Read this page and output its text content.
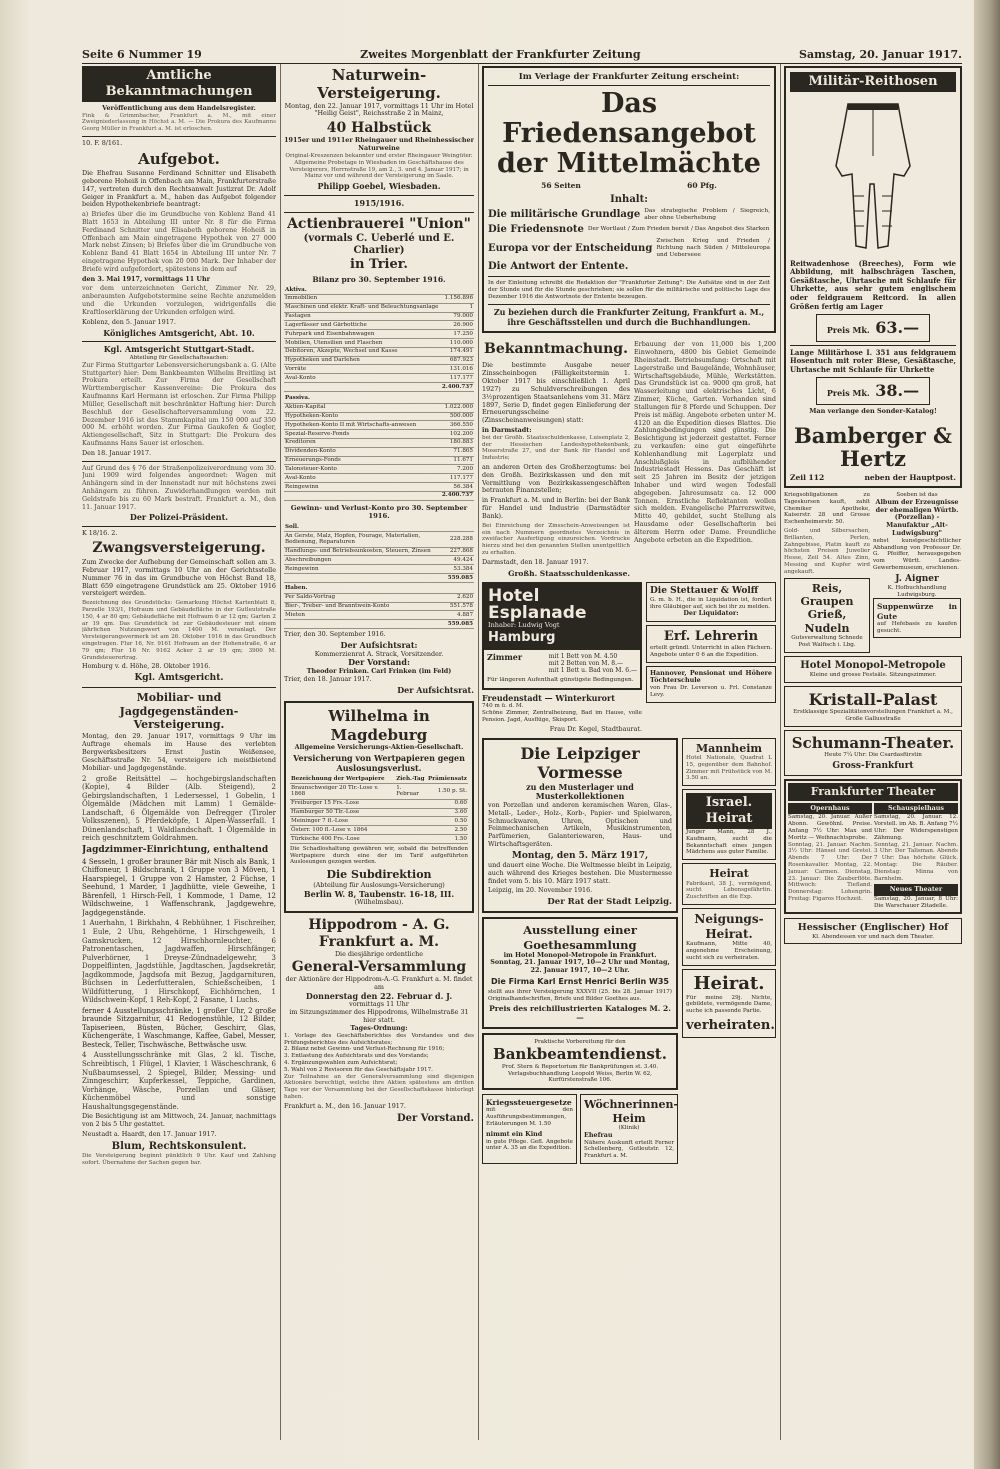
Seite 6 Nummer 19	Zweites Morgenblatt der Frankfurter Zeitung	Samstag, 20. Januar 1917.
Amtliche Bekanntmachungen
Veröffentlichung aus dem Handelsregister.
Fink & Grimmbacher, Frankfurt a. M., mit einer Zweigniederlassung in Höchst a. M. — Die Prokura des Kaufmanns Georg Müller in Frankfurt a. M. ist erloschen.
10. F. 8/161.
Aufgebot.
Die Ehefrau Susanne Ferdinand Schnitter und Elisabeth geborene Hoheiß in Offenbach am Main, Frankfurterstraße 147, vertreten durch den Rechtsanwalt Justizrat Dr. Adolf Geiger in Frankfurt a. M., haben das Aufgebot folgender beiden Hypothekenbriefe beantragt:
a) Briefes über die im Grundbuche von Koblenz Band 41 Blatt 1653 in Abteilung III unter Nr. 8 für die Firma Ferdinand Schnitter und Elisabeth geborene Hoheiß in Offenbach am Main eingetragene Hypothek von 27 000 Mark nebst Zinsen; b) Briefes über die im Grundbuche von Koblenz Band 41 Blatt 1654 in Abteilung III unter Nr. 7 eingetragene Hypothek von 20 000 Mark. Der Inhaber der Briefe wird aufgefordert, spätestens in dem auf
den 3. Mai 1917, vormittags 11 Uhr
vor dem unterzeichneten Gericht, Zimmer Nr. 29, anberaumten Aufgebotstermine seine Rechte anzumelden und die Urkunden vorzulegen, widrigenfalls die Kraftloserklärung der Urkunden erfolgen wird.
Koblenz, den 5. Januar 1917.
Königliches Amtsgericht, Abt. 10.
Kgl. Amtsgericht Stuttgart-Stadt.
Abteilung für Gesellschaftssachen:
Zur Firma Stuttgarter Lebensversicherungsbank a. G. (Alte Stuttgarter) hier: Dem Bankbeamten Wilhelm Breitling ist Prokura erteilt. Zur Firma der Gesellschaft Württembergischer Kassenvereine: Die Prokura des Kaufmanns Karl Hermann ist erloschen. Zur Firma Philipp Müller, Gesellschaft mit beschränkter Haftung hier: Durch Beschluß der Gesellschafterversammlung vom 22. Dezember 1916 ist das Stammkapital um 150 000 auf 350 000 M. erhöht worden. Zur Firma Gaukofen & Gogler, Aktiengesellschaft, Sitz in Stuttgart: Die Prokura des Kaufmanns Hans Sauer ist erloschen.
Den 18. Januar 1917.
Auf Grund des § 76 der Straßenpolizeiverordnung vom 30. Juni 1909 wird folgendes angeordnet: Wagen mit Anhängern sind in der Innenstadt nur mit höchstens zwei Anhängern zu führen. Zuwiderhandlungen werden mit Geldstrafe bis zu 60 Mark bestraft. Frankfurt a. M., den 11. Januar 1917.
Der Polizei-Präsident.
K 18/16. 2.
Zwangsversteigerung.
Zum Zwecke der Aufhebung der Gemeinschaft sollen am 3. Februar 1917, vormittags 10 Uhr an der Gerichtsstelle Nummer 76 in das im Grundbuche von Höchst Band 18, Blatt 659 eingetragene Grundstück am 25. Oktober 1916 versteigert werden.
Bezeichnung des Grundstücks: Gemarkung Höchst Kartenblatt 8, Parzelle 193/1, Hofraum und Gebäudefläche in der Gutleutstraße 150, 4 ar 80 qm; Gebäudefläche mit Hofraum 6 ar 12 qm; Garten 2 ar 19 qm. Das Grundstück ist zur Gebäudesteuer mit einem jährlichen Nutzungswert von 1400 M. veranlagt. Der Versteigerungsvermerk ist am 26. Oktober 1916 in das Grundbuch eingetragen. Flur 16, Nr. 9161 Hofraum an der Hohenstraße, 6 ar 79 qm; Flur 16 Nr. 9162 Acker 2 ar 19 qm; 3900 M. Grundsteuerertrag.
Homburg v. d. Höhe, 28. Oktober 1916.
Kgl. Amtsgericht.
Mobiliar- und Jagdgegenständen-Versteigerung.
Montag, den 29. Januar 1917, vormittags 9 Uhr im Auftrage ehemals im Hause des verlebten Bergwerksbesitzers Ernst Justin Weißensee, Geschäftsstraße Nr. 54, versteigere ich meistbietend Mobiliar- und Jagdgegenstände.
2 große Reitsättel — hochgebirgslandschaften (Kopie), 4 Bilder (Alb. Steigend), 2 Gebirgslandschaften, 1 Ledersessel, 1 Gobelin, 1 Ölgemälde (Mädchen mit Lamm) 1 Gemälde-Landschaft, 6 Ölgemälde von Defregger (Tiroler Volksszenen), 5 Pferdeköpfe, 1 Alpen-Wasserfall. 1 Dünenlandschaft, 1 Waldlandschaft. 1 Ölgemälde in reich geschnitztem Goldrahmen.
Jagdzimmer-Einrichtung, enthaltend
4 Sesseln, 1 großer brauner Bär mit Nisch als Bank, 1 Chiffoneur, 1 Bildschrank, 1 Gruppe von 3 Möven, 1 Haarspiegel, 1 Gruppe von 2 Hamster, 2 Füchse, 1 Seehund, 1 Marder, 1 Jagdhütte, viele Geweihe, 1 Bärenfell, 1 Hirsch-Fell, 1 Kommode, 1 Dame, 12 Wildschweine, 1 Waffenschrank, Jagdgewehre, Jagdgegenstände.
1 Auerhahn, 1 Birkhahn, 4 Rebhühner, 1 Fischreiher, 1 Eule, 2 Uhu, Rehgehörne, 1 Hirschgeweih, 1 Gamskrucken, 12 Hirschhornleuchter, 6 Patronentaschen, Jagdwaffen, Hirschfänger, Pulverhörner, 1 Dreyse-Zündnadelgewehr, 3 Doppelflinten, Jagdstühle, Jagdtaschen, Jagdsekretär, Jagdkommode, Jagdsofa mit Bezug, Jagdgarnituren, Büchsen in Lederfutteralen, Schießscheiben, 1 Wildfütterung, 1 Hirschkopf, Eichhörnchen, 1 Wildschwein-Kopf, 1 Reh-Kopf, 2 Fasane, 1 Luchs.
ferner 4 Ausstellungsschränke, 1 großer Uhr, 2 große braunde Sitzgarnitur, 41 Redogenstühle, 12 Bilder, Tapiserieen, Büsten, Bücher, Geschirr, Glas, Küchengeräte, 1 Waschmange, Kaffee, Gabel, Messer, Besteck, Teller, Tischwäsche, Bettwäsche usw.
4 Ausstellungsschränke mit Glas, 2 kl. Tische, Schreibtisch, 1 Flügel, 1 Klavier, 1 Wäscheschrank, 6 Nußbaumsessel, 2 Spiegel, Bilder, Messing- und Zinngeschirr, Kupferkessel, Teppiche, Gardinen, Vorhänge, Wäsche, Porzellan und Gläser, Küchenmöbel und sonstige Haushaltungsgegenstände.
Die Besichtigung ist am Mittwoch, 24. Januar, nachmittags von 2 bis 5 Uhr gestattet.
Neustadt a. Haardt, den 17. Januar 1917.
Blum, Rechtskonsulent.
Die Versteigerung beginnt pünktlich 9 Uhr. Kauf und Zahlung sofort. Übernahme der Sachen gegen bar.
Naturwein-Versteigerung.
Montag, den 22. Januar 1917, vormittags 11 Uhr im Hotel "Heilig Geist", Reichsstraße 2 in Mainz,
40 Halbstück
1915er und 1911er Rheingauer und Rheinhessischer Naturweine
Original-Kreszenzen bekannter und erster Rheingauer Weingüter. Allgemeine Probetage in Wiesbaden im Geschäftshause des Versteigerers, Herrnstraße 19, am 2., 3. und 4. Januar 1917; in Mainz vor und während der Versteigerung im Saale.
Philipp Goebel, Wiesbaden.
1915/1916.
Actienbrauerei "Union"
(vormals C. Ueberlé und E. Charlier)
in Trier.
Bilanz pro 30. September 1916.
Aktiva.	
Immobilien	1.156.896
Maschinen und elektr. Kraft- und Beleuchtungsanlage	1
Fastagen	79.000
Lagerfässer und Gärbottiche	26.900
Fuhrpark und Eisenbahnwagen	17.250
Mobilien, Utensilien und Flaschen	110.000
Debitoren, Akzepte, Wechsel und Kasse	174.491
Hypotheken und Darlehen	687.923
Vorräte	131.016
Aval-Konto	117.177
	2.400.737
Passiva.	
Aktien-Kapital	1.022.000
Hypotheken-Konto	500.000
Hypotheken-Konto II mit Wirtschafts-anwesen	366.550
Spezial-Reserve-Fonds	102.200
Kreditoren	180.883
Dividenden-Konto	71.865
Erneuerungs-Fonds	11.671
Talonsteuer-Konto	7.200
Aval-Konto	117.177
Reingewinn	56.384
	2.400.737
Gewinn- und Verlust-Konto pro 30. September 1916.
Soll.	
An Gerste, Malz, Hopfen, Fourage, Materialien, Bedienung, Reparaturen	228.288
Handlungs- und Betriebsunkosten, Steuern, Zinsen	227.868
Abschreibungen	49.424
Reingewinn	53.384
	559.085
Haben.	
Per Saldo-Vortrag	2.620
Bier-, Treber- und Branntwein-Konto	551.578
Mieten	4.887
	559.085
Trier, den 30. September 1916.
Der Aufsichtsrat:
Kommerzienrat A. Strack, Vorsitzender.
Der Vorstand:
Theodor Frinken. Carl Frinken (im Feld)
Trier, den 18. Januar 1917.
Der Aufsichtsrat.
Wilhelma in Magdeburg
Allgemeine Versicherungs-Aktien-Gesellschaft.
Versicherung von Wertpapieren gegen Auslosungsverlust.
Bezeichnung der Wertpapiere	Zieh.-Tag	Prämiensatz
Braunschweiger 20 Tlr.-Lose v. 1868	1. Februar	1.50 p. St.
Freiburger 15 Frs.-Lose		0.60
Hamburger 50 Tlr.-Lose		3.60
Meininger 7 fl.-Lose		0.50
Österr. 100 fl.-Lose v. 1864		2.50
Türkische 400 Frs.-Lose		1.50
Die Schadloshaltung gewähren wir, sobald die betreffenden Wertpapiere durch eine der im Tarif aufgeführten Auslosungen gezogen werden.
Die Subdirektion
(Abteilung für Auslosungs-Versicherung)
Berlin W. 8, Taubenstr. 16-18, III.
(Wilhelmsbau).
Hippodrom - A. G. Frankfurt a. M.
Die diesjährige ordentliche
General-Versammlung
der Aktionäre der Hippodrom-A.-G. Frankfurt a. M. findet am
Donnerstag den 22. Februar d. J.
vormittags 11 Uhr
im Sitzungszimmer des Hippodroms, Wilhelmstraße 31 hier statt.
Tages-Ordnung:
1. Vorlage des Geschäftsberichtes des Vorstandes und des Prüfungsberichtes des Aufsichtsrates;
2. Bilanz nebst Gewinn- und Verlust-Rechnung für 1916;
3. Entlastung des Aufsichtsrats und des Vorstands;
4. Ergänzungswahlen zum Aufsichtsrat;
5. Wahl von 2 Revisoren für das Geschäftsjahr 1917.
Zur Teilnahme an der Generalversammlung sind diejenigen Aktionäre berechtigt, welche ihre Aktien spätestens am dritten Tage vor der Versammlung bei der Gesellschaftskasse hinterlegt haben.
Frankfurt a. M., den 16. Januar 1917.
Der Vorstand.
Im Verlage der Frankfurter Zeitung erscheint:
Das Friedensangebot
der Mittelmächte
56 Seiten	60 Pfg.
Inhalt:
Die militärische Grundlage Das strategische Problem / Siegreich, aber ohne Ueberhebung
Die Friedensnote Der Wortlaut / Zum Frieden bereit / Das Angebot des Starken
Europa vor der Entscheidung
Zwischen Krieg und Frieden / Richtung nach Süden / Mitteleuropa und Ueberseee
Die Antwort der Entente.
In der Einleitung schreibt die Redaktion der "Frankfurter Zeitung": Die Aufsätze sind in der Zeit der Stunde und für die Stunde geschrieben; sie sollen für die militärische und politische Lage des Dezember 1916 die Antwortnote der Entente bezeugen.
Zu beziehen durch die Frankfurter Zeitung, Frankfurt a. M., ihre Geschäftsstellen und durch die Buchhandlungen.
Bekanntmachung.
Die bestimmte Ausgabe neuer Zinsscheinbogen (Fälligkeitstermin 1. Oktober 1917 bis einschließlich 1. April 1927) zu Schuldverschreibungen des 3½prozentigen Staatsanlehens vom 31. März 1897, Serie D, findet gegen Einlieferung der Erneuerungsscheine (Zinsscheinanweisungen) statt:
in Darmstadt:
bei der Großh. Staatsschuldenkasse, Luisenplatz 2, der Hessischen Landeshypothekenbank, Moserstraße 27, und der Bank für Handel und Industrie;
an anderen Orten des Großherzogtums: bei den Großh. Bezirkskassen und den mit Vermittlung von Bezirkskassengeschäften betrauten Finanzstellen;
in Frankfurt a. M. und in Berlin: bei der Bank für Handel und Industrie (Darmstädter Bank).
Bei Einreichung der Zinsschein-Anweisungen ist ein nach Nummern geordnetes Verzeichnis in zweifacher Ausfertigung einzureichen. Vordrucke hierzu sind bei den genannten Stellen unentgeltlich zu erhalten.
Darmstadt, den 18. Januar 1917.
Großh. Staatsschuldenkasse.
Erbauung der von 11,000 bis 1,200 Einwohnern, 4800 bis Gebiet Gemeinde Rheinstadt. Betriebsumfang: Ortschaft mit Lagerstraße und Baugelände, Wohnhäuser, Wirtschaftsgebäude, Mühle, Werkstätten. Das Grundstück ist ca. 9000 qm groß, hat Wasserleitung und elektrisches Licht, 6 Zimmer, Küche, Garten. Vorhanden sind Stallungen für 8 Pferde und Schuppen. Der Preis ist mäßig. Angebote erbeten unter M. 4120 an die Expedition dieses Blattes. Die Zahlungsbedingungen sind günstig. Die Besichtigung ist jederzeit gestattet. Ferner zu verkaufen: eine gut eingeführte Kohlenhandlung mit Lagerplatz und Anschlußgleis in aufblühender Industriestadt Hessens. Das Geschäft ist seit 25 Jahren im Besitz der jetzigen Inhaber und wird wegen Todesfall abgegeben. Jahresumsatz ca. 12 000 Tonnen. Ernstliche Reflektanten wollen sich melden. Evangelische Pfarrerswitwe, Mitte 40, gebildet, sucht Stellung als Hausdame oder Gesellschafterin bei älterem Herrn oder Dame. Freundliche Angebote erbeten an die Expedition.
Hotel Esplanade
Inhaber: Ludwig Vogt
Hamburg
Zimmer	mit 1 Bett von M. 4.50
mit 2 Betten von M. 8.—
mit 1 Bett u. Bad von M. 6.—
Für längeren Aufenthalt günstigste Bedingungen.
Freudenstadt — Winterkurort
740 m ü. d. M.
Schöne Zimmer, Zentralheizung, Bad im Hause, volle Pension. Jagd, Ausflüge, Skisport.
Frau Dr. Kegel, Stadtbaurat.
Die Stettauer & Wolff
G. m. b. H., die in Liquidation ist, fordert ihre Gläubiger auf, sich bei ihr zu melden.
Der Liquidator:
Erf. Lehrerin
erteilt gründl. Unterricht in allen Fächern. Angebote unter 0 6 an die Expedition.
Hannover, Pensionat und Höhere Töchterschule
von Frau Dr. Leverson u. Frl. Constanze Levy.
Die Leipziger Vormesse
zu den Musterlager und Musterkollektionen
von Porzellan und anderen keramischen Waren, Glas-, Metall-, Leder-, Holz-, Korb-, Papier- und Spielwaren, Schmuckwaren, Uhren, Optischen und Feinmechanischen Artikeln, Musikinstrumenten, Parfümerien, Galanteriewaren, Haus- und Wirtschaftsgeräten.
Montag, den 5. März 1917,
und dauert eine Woche. Die Weltmesse bleibt in Leipzig, auch während des Krieges bestehen. Die Mustermesse findet vom 5. bis 10. März 1917 statt.
Leipzig, im 20. November 1916.
Der Rat der Stadt Leipzig.
Ausstellung einer Goethesammlung
im Hotel Monopol-Metropole in Frankfurt.
Sonntag, 21. Januar 1917, 10—2 Uhr und Montag, 22. Januar 1917, 10—2 Uhr.
Die Firma Karl Ernst Henrici Berlin W35
stellt aus ihrer Versteigerung XXXVII (25. bis 28. Januar 1917) Originalhandschriften, Briefe und Bilder Goethes aus.
Preis des reichillustrierten Kataloges M. 2.—
Praktische Vorbereitung für den
Bankbeamtendienst.
Prof. Stern & Reportorium für Bankprüfungen st. 3.40. Verlagsbuchhandlung Leopold Weiss, Berlin W. 62, Kurfürstenstraße 106.
Kriegssteuergesetze
mit den Ausführungsbestimmungen, Erläuterungen M. 1.50
nimmt ein Kind
in gute Pflege. Gefl. Angebote unter A. 35 an die Expedition.
Wöchnerinnen-Heim
(Klinik)
Ehefrau
Nähere Auskunft erteilt Ferner Schellenberg, Gutleutstr. 12, Frankfurt a. M.
Mannheim
Hotel Nationale, Quadrat L 15, gegenüber dem Bahnhof. Zimmer mit Frühstück von M. 3.50 an.
Israel. Heirat
Junger Mann, 28 J., Kaufmann, sucht die Bekanntschaft eines jungen Mädchens aus guter Familie.
Heirat
Fabrikant, 38 J., vermögend, sucht Lebensgefährtin. Zuschriften an die Exp.
Neigungs-Heirat.
Kaufmann, Mitte 40, angenehme Erscheinung, sucht sich zu verheiraten.
Heirat.
Für meine 29j. Nichte, gebildete, vermögende Dame, suche ich passende Partie.
verheiraten.
Militär-Reithosen
Reitwadenhose (Breeches), Form wie Abbildung, mit halbschrägen Taschen, Gesäßtasche, Uhrtasche mit Schlaufe für Uhrkette, aus sehr gutem englischem oder feldgrauem Reitcord. In allen Größen fertig am Lager
Preis Mk. 63.—
Lange Militärhose I. 351 aus feldgrauem Hosentuch mit roter Biese, Gesäßtasche, Uhrtasche mit Schlaufe für Uhrkette
Preis Mk. 38.—
Man verlange den Sonder-Katalog!
Bamberger & Hertz
Zeil 112	neben der Hauptpost.
Kriegsobligationen zu Tageskursen kauft, zahlt Chemiker Apotheke, Kaiserstr. 28 und Grosse Eschenheimerstr. 50.
Gold- und Silbersachen, Brillanten, Perlen, Zahngebisse, Platin kauft zu höchsten Preisen Juwelier Hesse, Zeil 54. Altes Zinn, Messing und Kupfer wird angekauft.
Reis, Graupen Grieß, Nudeln
Gutsverwaltung Schnede Post Walfisch i. Lbg.
Soeben ist das
Album der Erzeugnisse der ehemaligen Würtb. (Porzellan) - Manufaktur „Alt-Ludwigsburg"
nebst kunstgeschichtlicher Abhandlung von Professor Dr. G. Pfeiffer, herausgegeben vom Württ. Landes-Gewerbemuseum, erschienen.
J. Aigner
K. Hofbuchhandlung Ludwigsburg.
Suppenwürze in Gute
auf Hefebasis zu kaufen gesucht.
Hotel Monopol-Metropole
Kleine und grosse Festsäle. Sitzungszimmer.
Kristall-Palast
Erstklassige Spezialitätenvorstellungen Frankfurt a. M., Große Gallusstraße
Schumann-Theater.
Heute 7¼ Uhr: Die Csardasfürstin
Gross-Frankfurt
Frankfurter Theater
Opernhaus
Samstag, 20. Januar. Außer Abonn. Gewöhnl. Preise. Anfang 7½ Uhr: Max und Moritz — Weihnachtsprobe.
Sonntag, 21. Januar. Nachm. 3½ Uhr: Hänsel und Gretel. Abends 7 Uhr: Der Rosenkavalier. Montag, 22. Januar: Carmen. Dienstag, 23. Januar: Die Zauberflöte. Mittwoch: Tiefland. Donnerstag: Lohengrin. Freitag: Figaros Hochzeit.
Schauspielhaus
Samstag, 20. Januar. 12. Vorstell. im Ab. B. Anfang 7½ Uhr: Der Widerspenstigen Zähmung.
Sonntag, 21. Januar. Nachm. 3 Uhr: Der Talisman. Abends 7 Uhr: Das höchste Glück. Montag: Die Räuber. Dienstag: Minna von Barnhelm.
Neues Theater
Samstag, 20. Januar, 8 Uhr: Die Warschauer Zitadelle.
Hessischer (Englischer) Hof
Kl. Abendessen vor und nach dem Theater.
